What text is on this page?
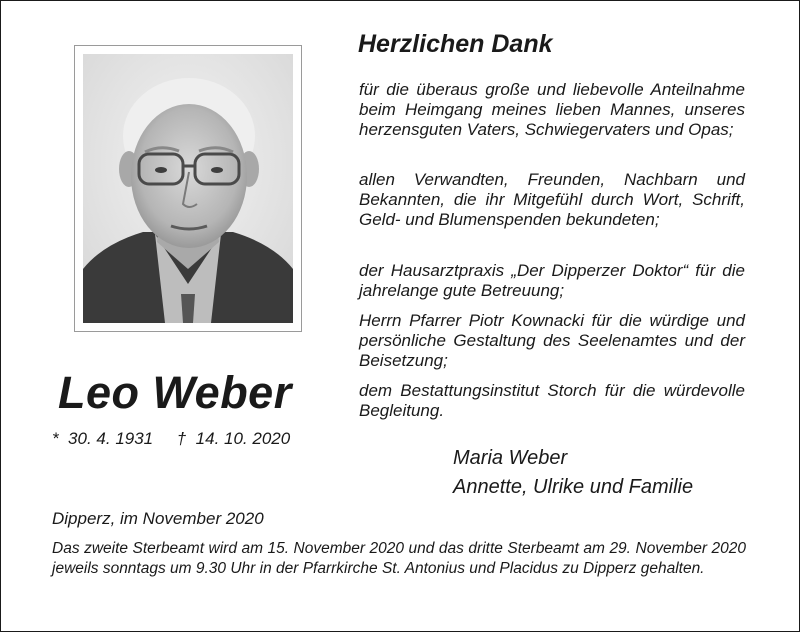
Leo Weber
*  30. 4. 1931     †  14. 10. 2020
Herzlichen Dank
für die überaus große und liebevolle Anteilnahme beim Heimgang meines lieben Mannes, unseres herzensguten Vaters, Schwiegervaters und Opas;
allen Verwandten, Freunden, Nachbarn und Bekannten, die ihr Mitgefühl durch Wort, Schrift, Geld- und Blumenspenden bekundeten;
der Hausarztpraxis „Der Dipperzer Doktor“ für die jahrelange gute Betreuung;
Herrn Pfarrer Piotr Kownacki für die würdige und persönliche Gestaltung des Seelenamtes und der Beisetzung;
dem Bestattungsinstitut Storch für die würdevolle Begleitung.
Maria Weber
Annette, Ulrike und Familie
Dipperz, im November 2020
Das zweite Sterbeamt wird am 15. November 2020 und das dritte Sterbeamt am 29. November 2020 jeweils sonntags um 9.30 Uhr in der Pfarrkirche St. Antonius und Placidus zu Dipperz gehalten.
